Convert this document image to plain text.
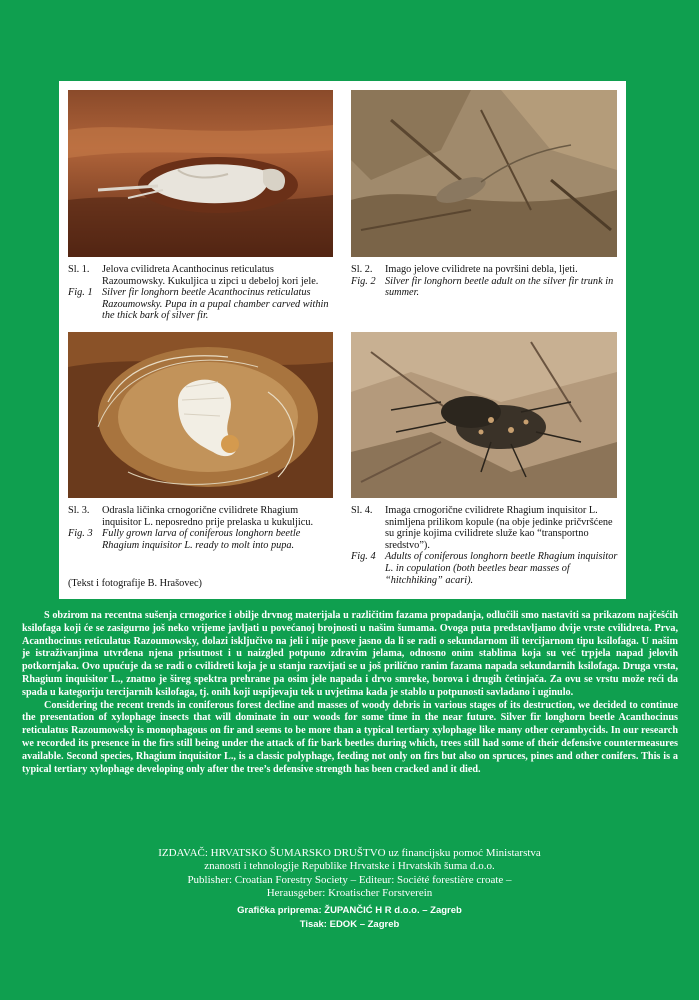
Sl. 1.	Jelova cvilidreta Acanthocinus reticulatus Razoumowsky. Kukuljica u zipci u debeloj kori jele.
Fig. 1 Silver fir longhorn beetle Acanthocinus reticulatus Razoumowsky. Pupa in a pupal chamber carved within the thick bark of silver fir.
Sl. 2.	Imago jelove cvilidrete na površini debla, ljeti.
Fig. 2 Silver fir longhorn beetle adult on the silver fir trunk in summer.
Sl. 3.	Odrasla ličinka crnogorične cvilidrete Rhagium inquisitor L. neposredno prije prelaska u kukuljicu.
Fig. 3 Fully grown larva of coniferous longhorn beetle Rhagium inquisitor L. ready to molt into pupa.
Sl. 4.	Imaga crnogorične cvilidrete Rhagium inquisitor L. snimljena prilikom kopule (na obje jedinke pričvršćene su grinje kojima cvilidrete služe kao “transportno sredstvo”).
Fig. 4 Adults of coniferous longhorn beetle Rhagium inquisitor L. in copulation (both beetles bear masses of “hitchhiking” acari).
(Tekst i fotografije B. Hrašovec)

S obzirom na recentna sušenja crnogorice i obilje drvnog materijala u različitim fazama propadanja, odlučili smo nastaviti sa prikazom najčešćih ksilofaga koji će se zasigurno još neko vrijeme javljati u povećanoj brojnosti u našim šumama. Ovoga puta predstavljamo dvije vrste cvilidreta. Prva, Acanthocinus reticulatus Razoumowsky, dolazi isključivo na jeli i nije posve jasno da li se radi o sekundarnom ili tercijarnom tipu ksilofaga. U našim je istraživanjima utvrđena njena prisutnost i u naizgled potpuno zdravim jelama, odnosno onim stablima koja su već trpjela napad jelovih potkornjaka. Ovo upućuje da se radi o cvilidreti koja je u stanju razvijati se u još prilično ranim fazama napada sekundarnih ksilofaga. Druga vrsta, Rhagium inquisitor L., znatno je šireg spektra prehrane pa osim jele napada i drvo smreke, borova i drugih četinjača. Za ovu se vrstu može reći da spada u kategoriju tercijarnih ksilofaga, tj. onih koji uspijevaju tek u uvjetima kada je stablo u potpunosti savladano i uginulo.

Considering the recent trends in coniferous forest decline and masses of woody debris in various stages of its destruction, we decided to continue the presentation of xylophage insects that will dominate in our woods for some time in the near future. Silver fir longhorn beetle Acanthocinus reticulatus Razoumowsky is monophagous on fir and seems to be more than a typical tertiary xylophage like many other cerambycids. In our research we recorded its presence in the firs still being under the attack of fir bark beetles during which, trees still had some of their defensive countermeasures available. Second species, Rhagium inquisitor L., is a classic polyphage, feeding not only on firs but also on spruces, pines and other conifers. This is a typical tertiary xylophage developing only after the tree’s defensive strength has been cracked and it died.

IZDAVAČ: HRVATSKO ŠUMARSKO DRUŠTVO uz financijsku pomoć Ministarstva
znanosti i tehnologije Republike Hrvatske i Hrvatskih šuma d.o.o.
Publisher: Croatian Forestry Society – Editeur: Société forestière croate –
Herausgeber: Kroatischer Forstverein
Grafička priprema: ŽUPANČIĆ H R d.o.o. – Zagreb
Tisak: EDOK – Zagreb
